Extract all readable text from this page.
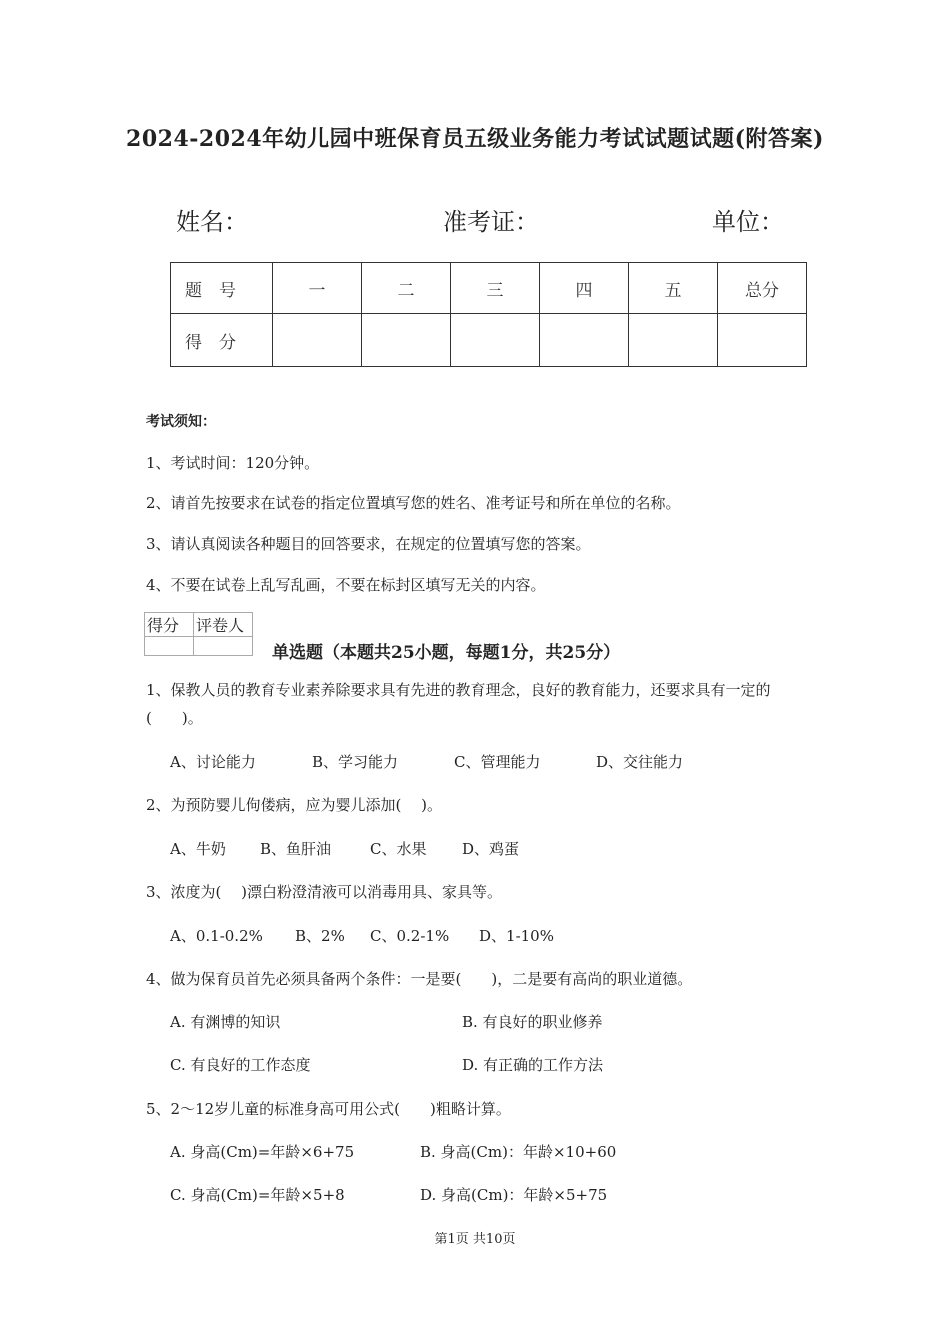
2024-2024年幼儿园中班保育员五级业务能力考试试题试题(附答案)
姓名：	准考证：	单位：
题　号	一	二	三	四	五	总分
得　分						
考试须知：
1、考试时间：120分钟。
2、请首先按要求在试卷的指定位置填写您的姓名、准考证号和所在单位的名称。
3、请认真阅读各种题目的回答要求，在规定的位置填写您的答案。
4、不要在试卷上乱写乱画，不要在标封区填写无关的内容。
得分	评卷人

单选题（本题共25小题，每题1分，共25分）
1、保教人员的教育专业素养除要求具有先进的教育理念，良好的教育能力，还要求具有一定的(　　)。
A、讨论能力	B、学习能力	C、管理能力	D、交往能力
2、为预防婴儿佝偻病，应为婴儿添加(　 )。
A、牛奶 B、鱼肝油	C、水果 D、鸡蛋
3、浓度为(　 )漂白粉澄清液可以消毒用具、家具等。
A、0.1-0.2% B、2% C、0.2-1% D、1-10%
4、做为保育员首先必须具备两个条件：一是要(　　)，二是要有高尚的职业道德。
A. 有渊博的知识	B. 有良好的职业修养
C. 有良好的工作态度	D. 有正确的工作方法
5、2～12岁儿童的标准身高可用公式(　　)粗略计算。
A. 身高(Cm)=年龄×6+75	B. 身高(Cm)：年龄×10+60
C. 身高(Cm)=年龄×5+8	D. 身高(Cm)：年龄×5+75
第1页 共10页
